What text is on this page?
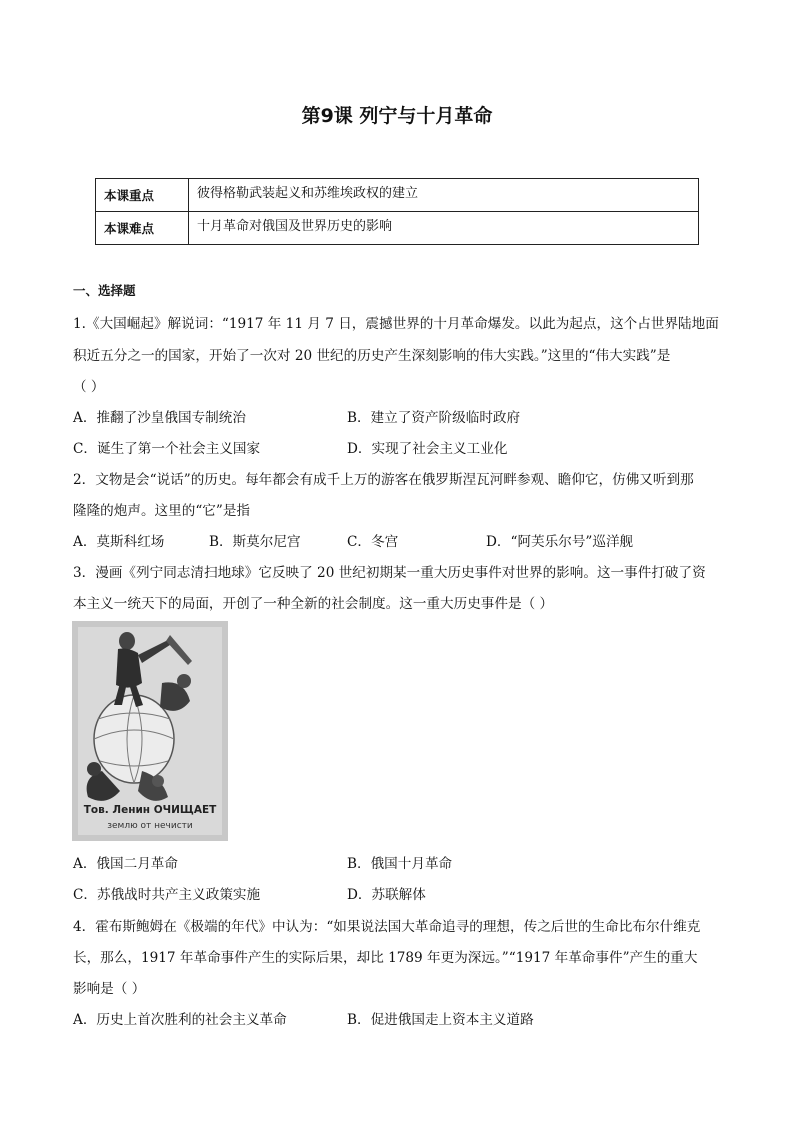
第9课 列宁与十月革命
本课重点	彼得格勒武装起义和苏维埃政权的建立
本课难点	十月革命对俄国及世界历史的影响
一、选择题
1.《大国崛起》解说词：“1917 年 11 月 7 日，震撼世界的十月革命爆发。以此为起点，这个占世界陆地面
积近五分之一的国家，开始了一次对 20 世纪的历史产生深刻影响的伟大实践。”这里的“伟大实践”是
（ ）
A．推翻了沙皇俄国专制统治	B．建立了资产阶级临时政府
C．诞生了第一个社会主义国家	D．实现了社会主义工业化
2．文物是会“说话”的历史。每年都会有成千上万的游客在俄罗斯涅瓦河畔参观、瞻仰它，仿佛又听到那
隆隆的炮声。这里的“它”是指
A．莫斯科红场	B．斯莫尔尼宫	C．冬宫	D．“阿芙乐尔号”巡洋舰
3．漫画《列宁同志清扫地球》它反映了 20 世纪初期某一重大历史事件对世界的影响。这一事件打破了资
本主义一统天下的局面，开创了一种全新的社会制度。这一重大历史事件是（ ）
Тов. Ленин ОЧИЩАЕТ
землю от нечисти
A．俄国二月革命	B．俄国十月革命
C．苏俄战时共产主义政策实施	D．苏联解体
4．霍布斯鲍姆在《极端的年代》中认为：“如果说法国大革命追寻的理想，传之后世的生命比布尔什维克
长，那么，1917 年革命事件产生的实际后果，却比 1789 年更为深远。”“1917 年革命事件”产生的重大
影响是（ ）
A．历史上首次胜利的社会主义革命	B．促进俄国走上资本主义道路
